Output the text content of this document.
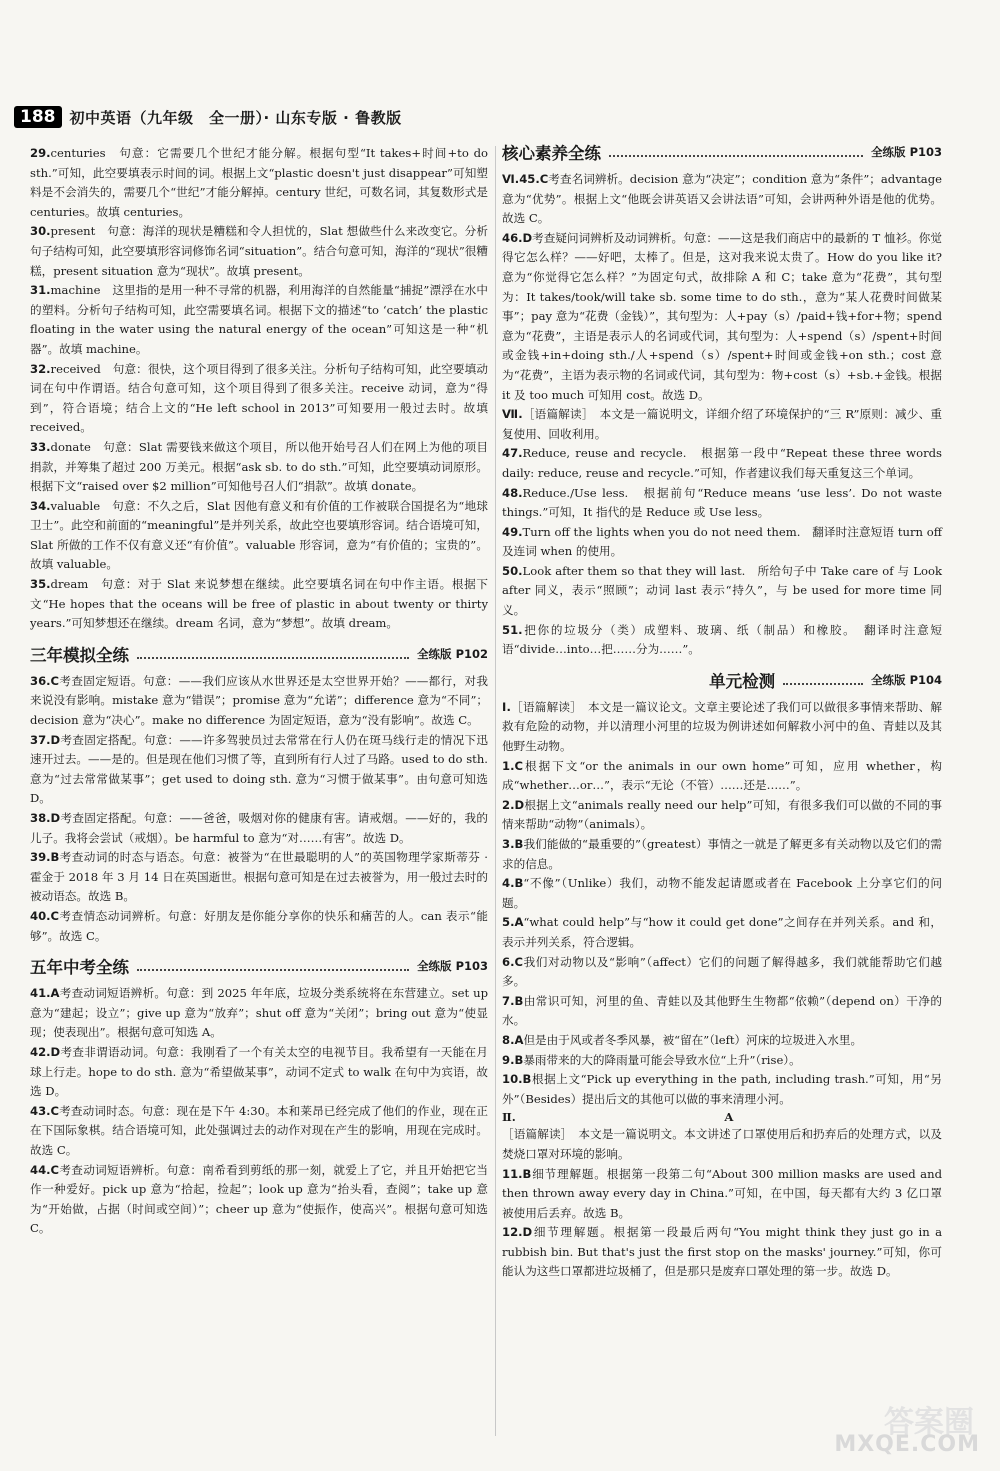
188 初中英语（九年级　全一册）· 山东专版 · 鲁教版

29.centuries　句意：它需要几个世纪才能分解。根据句型“It takes+时间+to do sth.”可知，此空要填表示时间的词。根据上文“plastic doesn't just disappear”可知塑料是不会消失的，需要几个“世纪”才能分解掉。century 世纪，可数名词，其复数形式是 centuries。故填 centuries。

30.present　句意：海洋的现状是糟糕和令人担忧的，Slat 想做些什么来改变它。分析句子结构可知，此空要填形容词修饰名词“situation”。结合句意可知，海洋的“现状”很糟糕，present situation 意为“现状”。故填 present。

31.machine　这里指的是用一种不寻常的机器，利用海洋的自然能量“捕捉”漂浮在水中的塑料。分析句子结构可知，此空需要填名词。根据下文的描述“to ‘catch’ the plastic floating in the water using the natural energy of the ocean”可知这是一种“机器”。故填 machine。

32.received　句意：很快，这个项目得到了很多关注。分析句子结构可知，此空要填动词在句中作谓语。结合句意可知，这个项目得到了很多关注。receive 动词，意为“得到”，符合语境；结合上文的“He left school in 2013”可知要用一般过去时。故填 received。

33.donate　句意：Slat 需要钱来做这个项目，所以他开始号召人们在网上为他的项目捐款，并筹集了超过 200 万美元。根据“ask sb. to do sth.”可知，此空要填动词原形。根据下文“raised over $2 million”可知他号召人们“捐款”。故填 donate。

34.valuable　句意：不久之后，Slat 因他有意义和有价值的工作被联合国提名为“地球卫士”。此空和前面的“meaningful”是并列关系，故此空也要填形容词。结合语境可知，Slat 所做的工作不仅有意义还“有价值”。valuable 形容词，意为“有价值的；宝贵的”。故填 valuable。

35.dream　句意：对于 Slat 来说梦想在继续。此空要填名词在句中作主语。根据下文“He hopes that the oceans will be free of plastic in about twenty or thirty years.”可知梦想还在继续。dream 名词，意为“梦想”。故填 dream。

三年模拟全练	全练版 P102

36.C考查固定短语。句意：——我们应该从水世界还是太空世界开始？——都行，对我来说没有影响。mistake 意为“错误”；promise 意为“允诺”；difference 意为“不同”；decision 意为“决心”。make no difference 为固定短语，意为“没有影响”。故选 C。

37.D考查固定搭配。句意：——许多驾驶员过去常常在行人仍在斑马线行走的情况下迅速开过去。——是的。但是现在他们习惯了等，直到所有行人过了马路。used to do sth. 意为“过去常常做某事”；get used to doing sth. 意为“习惯于做某事”。由句意可知选 D。

38.D考查固定搭配。句意：——爸爸，吸烟对你的健康有害。请戒烟。——好的，我的儿子。我将会尝试（戒烟）。be harmful to 意为“对……有害”。故选 D。

39.B考查动词的时态与语态。句意：被誉为“在世最聪明的人”的英国物理学家斯蒂芬 · 霍金于 2018 年 3 月 14 日在英国逝世。根据句意可知是在过去被誉为，用一般过去时的被动语态。故选 B。

40.C考查情态动词辨析。句意：好朋友是你能分享你的快乐和痛苦的人。can 表示“能够”。故选 C。

五年中考全练	全练版 P103

41.A考查动词短语辨析。句意：到 2025 年年底，垃圾分类系统将在东营建立。set up 意为“建起；设立”；give up 意为“放弃”；shut off 意为“关闭”；bring out 意为“使显现；使表现出”。根据句意可知选 A。

42.D考查非谓语动词。句意：我刚看了一个有关太空的电视节目。我希望有一天能在月球上行走。hope to do sth. 意为“希望做某事”，动词不定式 to walk 在句中为宾语，故选 D。

43.C考查动词时态。句意：现在是下午 4:30。本和莱昂已经完成了他们的作业，现在正在下国际象棋。结合语境可知，此处强调过去的动作对现在产生的影响，用现在完成时。故选 C。

44.C考查动词短语辨析。句意：南希看到剪纸的那一刻，就爱上了它，并且开始把它当作一种爱好。pick up 意为“拾起，捡起”；look up 意为“抬头看，查阅”；take up 意为“开始做，占据（时间或空间）”；cheer up 意为“使振作，使高兴”。根据句意可知选 C。

核心素养全练	全练版 P103

Ⅵ.45.C考查名词辨析。decision 意为“决定”；condition 意为“条件”；advantage 意为“优势”。根据上文“他既会讲英语又会讲法语”可知，会讲两种外语是他的优势。故选 C。

46.D考查疑问词辨析及动词辨析。句意：——这是我们商店中的最新的 T 恤衫。你觉得它怎么样？——好吧，太棒了。但是，这对我来说太贵了。How do you like it? 意为“你觉得它怎么样？”为固定句式，故排除 A 和 C；take 意为“花费”，其句型为：It takes/took/will take sb. some time to do sth.，意为“某人花费时间做某事”；pay 意为“花费（金钱）”，其句型为：人+pay（s）/paid+钱+for+物；spend 意为“花费”，主语是表示人的名词或代词，其句型为：人+spend（s）/spent+时间或金钱+in+doing sth./人+spend（s）/spent+时间或金钱+on sth.；cost 意为“花费”，主语为表示物的名词或代词，其句型为：物+cost（s）+sb.+金钱。根据 it 及 too much 可知用 cost。故选 D。

Ⅶ.［语篇解读］　本文是一篇说明文，详细介绍了环境保护的“三 R”原则：减少、重复使用、回收利用。

47.Reduce, reuse and recycle.　根据第一段中“Repeat these three words daily: reduce, reuse and recycle.”可知，作者建议我们每天重复这三个单词。

48.Reduce./Use less.　根据前句“Reduce means ‘use less’. Do not waste things.”可知，It 指代的是 Reduce 或 Use less。

49.Turn off the lights when you do not need them.　翻译时注意短语 turn off 及连词 when 的使用。

50.Look after them so that they will last.　所给句子中 Take care of 与 Look after 同义，表示“照顾”；动词 last 表示“持久”，与 be used for more time 同义。

51.把你的垃圾分（类）成塑料、玻璃、纸（制品）和橡胶。　翻译时注意短语“divide…into…把……分为……”。

单元检测	全练版 P104

Ⅰ.［语篇解读］　本文是一篇议论文。文章主要论述了我们可以做很多事情来帮助、解救有危险的动物，并以清理小河里的垃圾为例讲述如何解救小河中的鱼、青蛙以及其他野生动物。

1.C根据下文“or the animals in our own home”可知，应用 whether，构成“whether…or…”，表示“无论（不管）……还是……”。

2.D根据上文“animals really need our help”可知，有很多我们可以做的不同的事情来帮助“动物”（animals）。

3.B我们能做的“最重要的”（greatest）事情之一就是了解更多有关动物以及它们的需求的信息。

4.B“不像”（Unlike）我们，动物不能发起请愿或者在 Facebook 上分享它们的问题。

5.A“what could help”与“how it could get done”之间存在并列关系。and 和，表示并列关系，符合逻辑。

6.C我们对动物以及“影响”（affect）它们的问题了解得越多，我们就能帮助它们越多。

7.B由常识可知，河里的鱼、青蛙以及其他野生生物都“依赖”（depend on）干净的水。

8.A但是由于风或者冬季风暴，被“留在”（left）河床的垃圾进入水里。

9.B暴雨带来的大的降雨量可能会导致水位“上升”（rise）。

10.B根据上文“Pick up everything in the path, including trash.”可知，用“另外”（Besides）提出后文的其他可以做的事来清理小河。

Ⅱ.	A

［语篇解读］　本文是一篇说明文。本文讲述了口罩使用后和扔弃后的处理方式，以及焚烧口罩对环境的影响。

11.B细节理解题。根据第一段第二句“About 300 million masks are used and then thrown away every day in China.”可知，在中国，每天都有大约 3 亿口罩被使用后丢弃。故选 B。

12.D细节理解题。根据第一段最后两句“You might think they just go in a rubbish bin. But that's just the first stop on the masks' journey.”可知，你可能认为这些口罩都进垃圾桶了，但是那只是废弃口罩处理的第一步。故选 D。

答案圈
MXQE.COM
